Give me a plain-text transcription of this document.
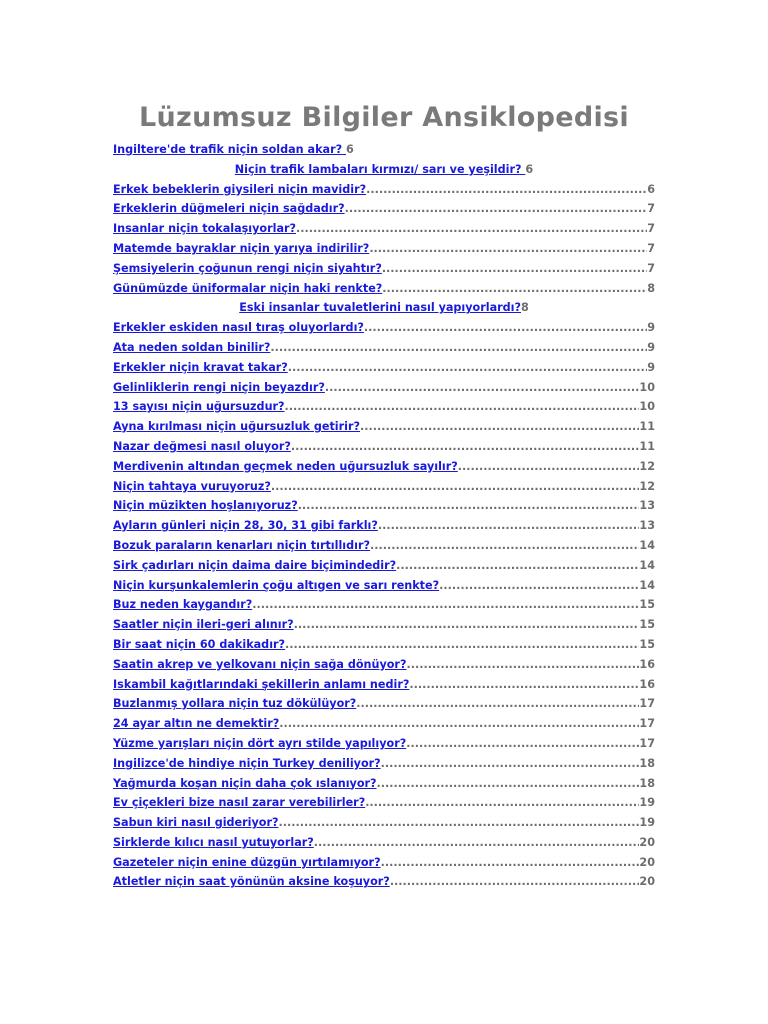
Lüzumsuz Bilgiler Ansiklopedisi
Ingiltere'de trafik niçin soldan akar? 6
Niçin trafik lambaları kırmızı/ sarı ve yeşildir? 6
Erkek bebeklerin giysileri niçin mavidir? .....	6
Erkeklerin düğmeleri niçin sağdadır? .....	7
Insanlar niçin tokalaşıyorlar? .....	7
Matemde bayraklar niçin yarıya indirilir? .....	7
Şemsiyelerin çoğunun rengi niçin siyahtır? .....	7
Günümüzde üniformalar niçin haki renkte? .....	8
Eski insanlar tuvaletlerini nasıl yapıyorlardı?8
Erkekler eskiden nasıl tıraş oluyorlardı? .....	9
Ata neden soldan binilir? .....	9
Erkekler niçin kravat takar? .....	9
Gelinliklerin rengi niçin beyazdır? .....	10
13 sayısı niçin uğursuzdur? .....	10
Ayna kırılması niçin uğursuzluk getirir? .....	11
Nazar değmesi nasıl oluyor? .....	11
Merdivenin altından geçmek neden uğursuzluk sayılır? .....	12
Niçin tahtaya vuruyoruz? .....	12
Niçin müzikten hoşlanıyoruz? .....	13
Ayların günleri niçin 28, 30, 31 gibi farklı? .....	13
Bozuk paraların kenarları niçin tırtıllıdır? .....	14
Sirk çadırları niçin daima daire biçimindedir? .....	14
Niçin kurşunkalemlerin çoğu altıgen ve sarı renkte? .....	14
Buz neden kaygandır? .....	15
Saatler niçin ileri-geri alınır? .....	15
Bir saat niçin 60 dakikadır? .....	15
Saatin akrep ve yelkovanı niçin sağa dönüyor? .....	16
Iskambil kağıtlarındaki şekillerin anlamı nedir? .....	16
Buzlanmış yollara niçin tuz dökülüyor? .....	17
24 ayar altın ne demektir? .....	17
Yüzme yarışları niçin dört ayrı stilde yapılıyor? .....	17
Ingilizce'de hindiye niçin Turkey deniliyor? .....	18
Yağmurda koşan niçin daha çok ıslanıyor? .....	18
Ev çiçekleri bize nasıl zarar verebilirler? .....	19
Sabun kiri nasıl gideriyor? .....	19
Sirklerde kılıcı nasıl yutuyorlar? .....	20
Gazeteler niçin enine düzgün yırtılamıyor? .....	20
Atletler niçin saat yönünün aksine koşuyor? .....	20
